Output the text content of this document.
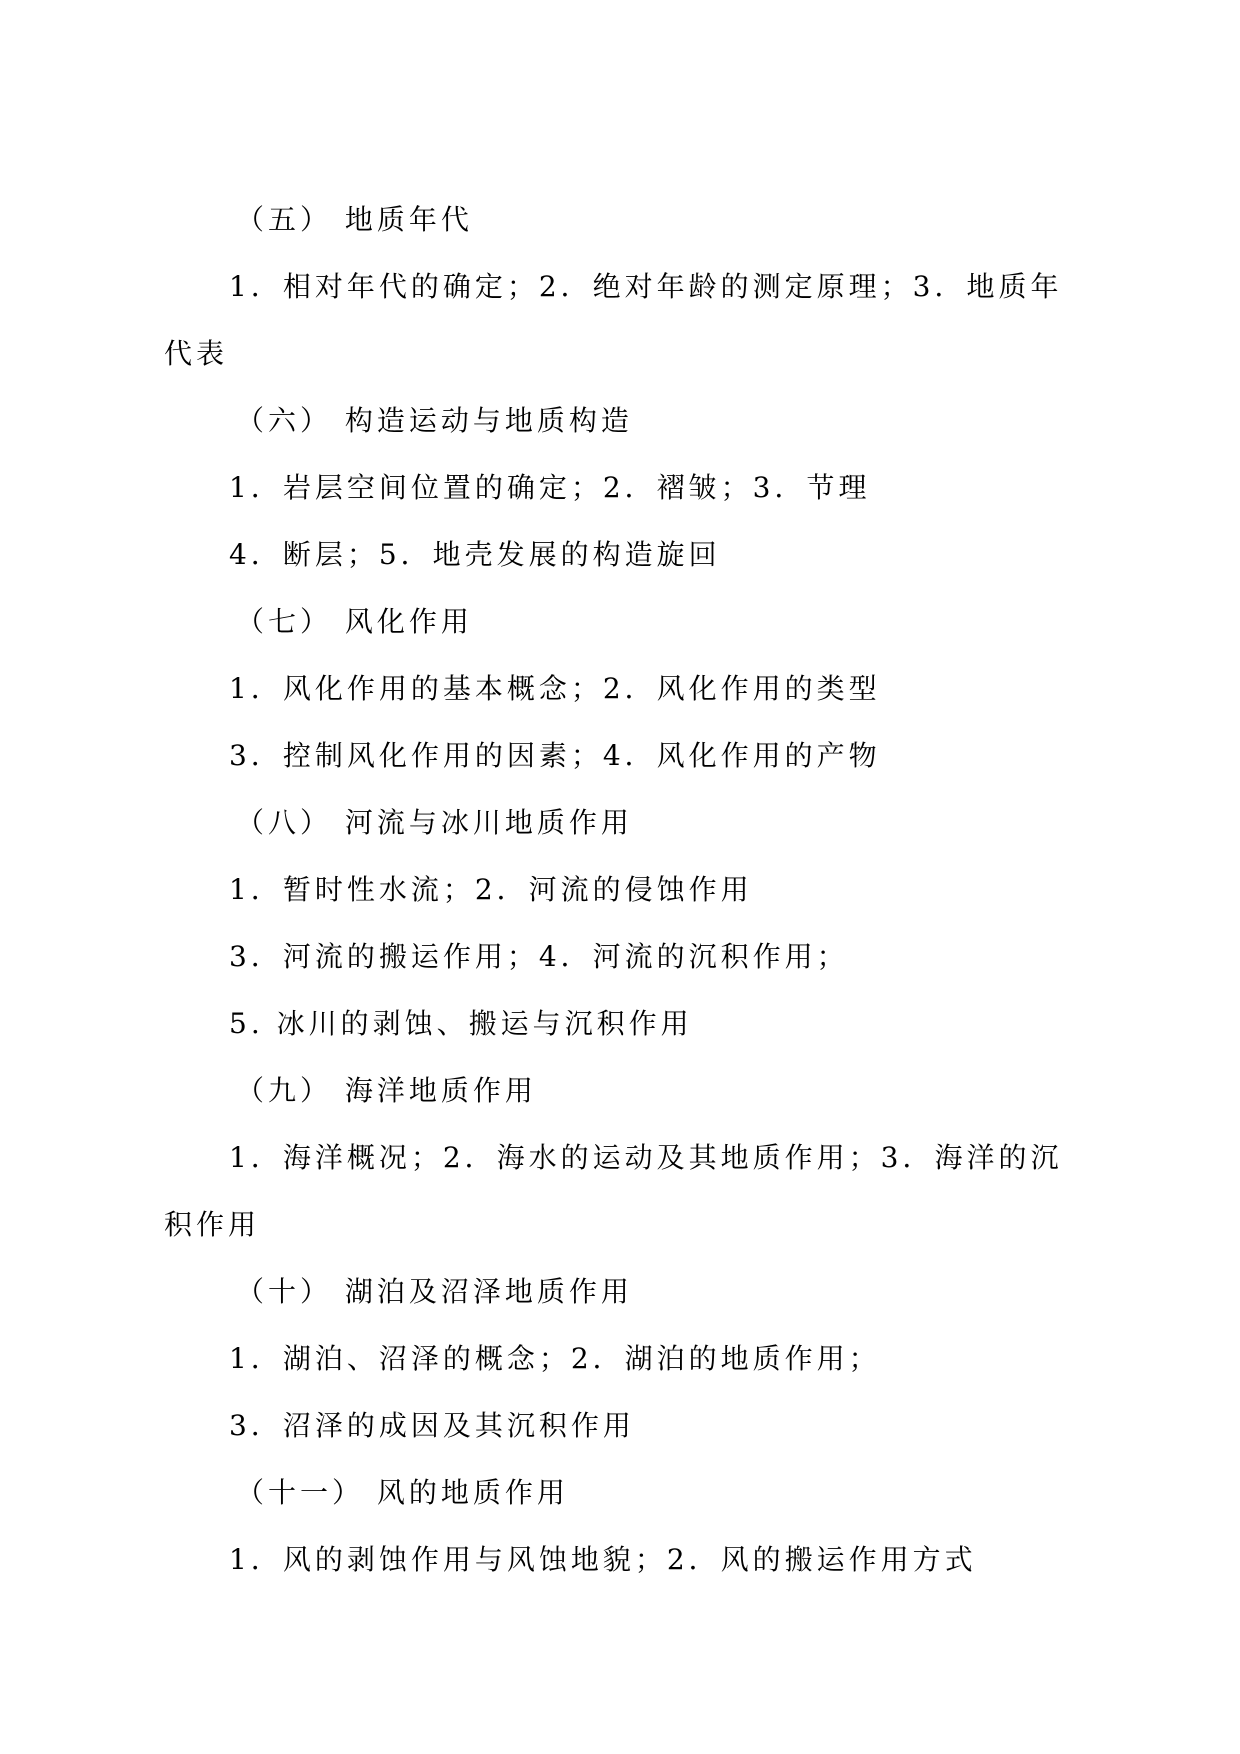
（五） 地质年代
1．相对年代的确定；2．绝对年龄的测定原理；3．地质年
代表
（六） 构造运动与地质构造
1．岩层空间位置的确定；2．褶皱；3．节理
4．断层；5．地壳发展的构造旋回
（七） 风化作用
1．风化作用的基本概念；2．风化作用的类型
3．控制风化作用的因素；4．风化作用的产物
（八） 河流与冰川地质作用
1．暂时性水流；2．河流的侵蚀作用
3．河流的搬运作用；4．河流的沉积作用；
5. 冰川的剥蚀、搬运与沉积作用
（九） 海洋地质作用
1．海洋概况；2．海水的运动及其地质作用；3．海洋的沉
积作用
（十） 湖泊及沼泽地质作用
1．湖泊、沼泽的概念；2．湖泊的地质作用；
3．沼泽的成因及其沉积作用
（十一） 风的地质作用
1．风的剥蚀作用与风蚀地貌；2．风的搬运作用方式
